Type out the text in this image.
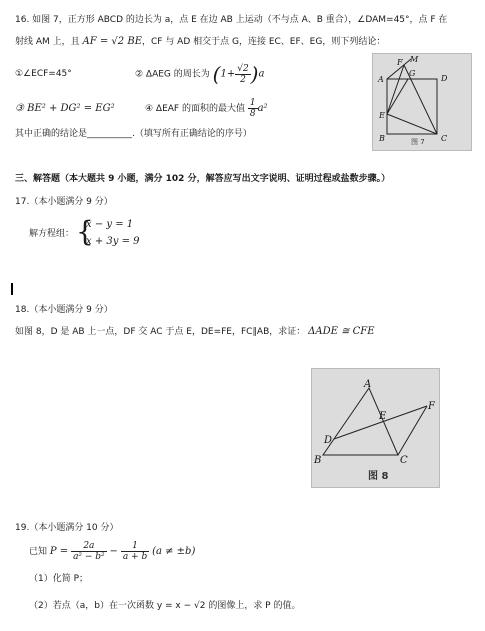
16. 如图 7，正方形 ABCD 的边长为 a，点 E 在边 AB 上运动（不与点 A、B 重合），∠DAM=45°，点 F 在
射线 AM 上，且 AF = √2 BE，CF 与 AD 相交于点 G，连接 EC、EF、EG，则下列结论：
①∠ECF=45°	② ΔAEG 的周长为 $(1+ \frac{√2}{2} )a$
③ BE² + DG² = EG²	④ ΔEAF 的面积的最大值 $\frac{1}{8} a^2$
其中正确的结论是__________.（填写所有正确结论的序号）
F M
A
G
D
E
B	C
图 7
三、解答题（本大题共 9 小题，满分 102 分，解答应写出文字说明、证明过程或盐数步骤。）
17.（本小题满分 9 分）
解方程组： {
x − y = 1
x + 3y = 9
18.（本小题满分 9 分）
如图 8，D 是 AB 上一点，DF 交 AC 于点 E，DE=FE，FC∥AB，求证： ΔADE ≅ CFE
A
F
E
D
B	C
图 8
19.（本小题满分 10 分）
已知 $P = \frac{2a}{\text{a² − b²}} - \frac{1}{a + b} (a \ne \pm b)$
（1）化简 P；
（2）若点（a，b）在一次函数 y = x − √2 的图像上，求 P 的值。
